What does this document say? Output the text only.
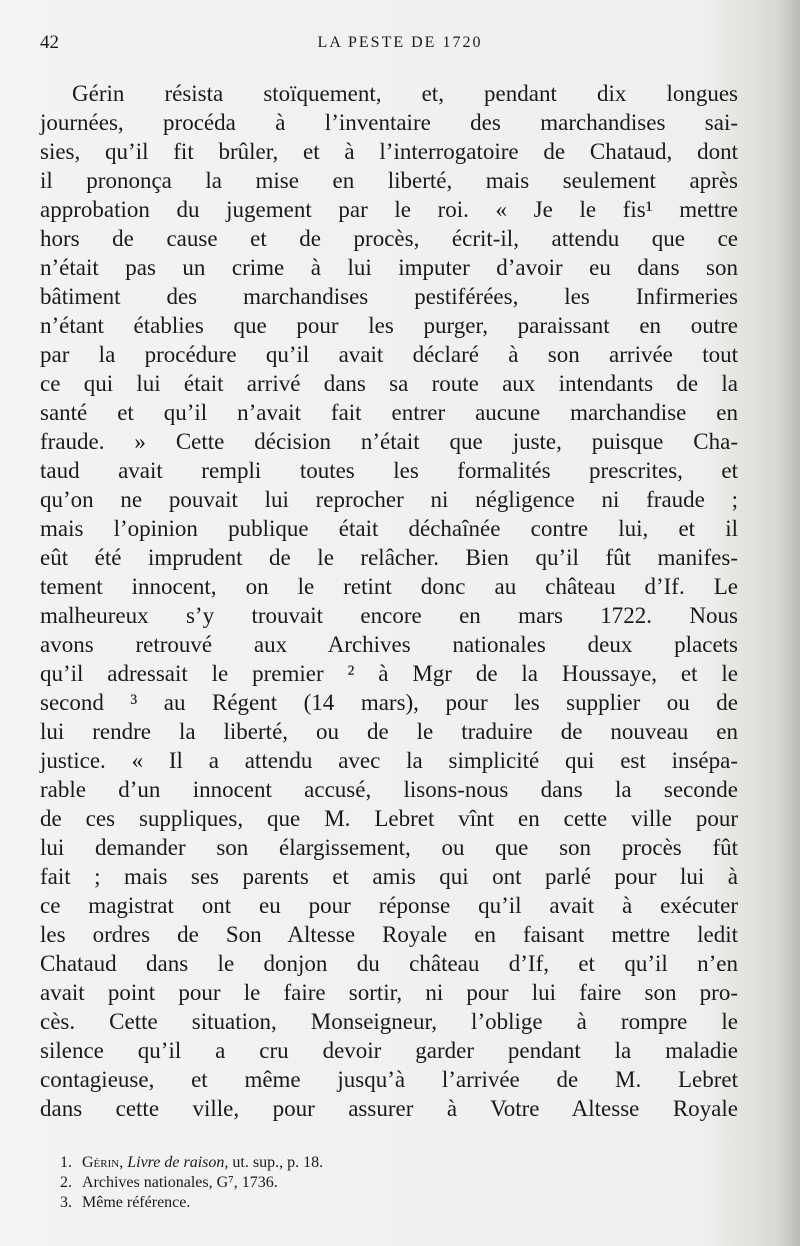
42	LA PESTE DE 1720
Gérin résista stoïquement, et, pendant dix longues
journées, procéda à l’inventaire des marchandises sai-
sies, qu’il fit brûler, et à l’interrogatoire de Chataud, dont
il prononça la mise en liberté, mais seulement après
approbation du jugement par le roi. « Je le fis¹ mettre
hors de cause et de procès, écrit-il, attendu que ce
n’était pas un crime à lui imputer d’avoir eu dans son
bâtiment des marchandises pestiférées, les Infirmeries
n’étant établies que pour les purger, paraissant en outre
par la procédure qu’il avait déclaré à son arrivée tout
ce qui lui était arrivé dans sa route aux intendants de la
santé et qu’il n’avait fait entrer aucune marchandise en
fraude. » Cette décision n’était que juste, puisque Cha-
taud avait rempli toutes les formalités prescrites, et
qu’on ne pouvait lui reprocher ni négligence ni fraude ;
mais l’opinion publique était déchaînée contre lui, et il
eût été imprudent de le relâcher. Bien qu’il fût manifes-
tement innocent, on le retint donc au château d’If. Le
malheureux s’y trouvait encore en mars 1722. Nous
avons retrouvé aux Archives nationales deux placets
qu’il adressait le premier ² à Mgr de la Houssaye, et le
second ³ au Régent (14 mars), pour les supplier ou de
lui rendre la liberté, ou de le traduire de nouveau en
justice. « Il a attendu avec la simplicité qui est insépa-
rable d’un innocent accusé, lisons-nous dans la seconde
de ces suppliques, que M. Lebret vînt en cette ville pour
lui demander son élargissement, ou que son procès fût
fait ; mais ses parents et amis qui ont parlé pour lui à
ce magistrat ont eu pour réponse qu’il avait à exécuter
les ordres de Son Altesse Royale en faisant mettre ledit
Chataud dans le donjon du château d’If, et qu’il n’en
avait point pour le faire sortir, ni pour lui faire son pro-
cès. Cette situation, Monseigneur, l’oblige à rompre le
silence qu’il a cru devoir garder pendant la maladie
contagieuse, et même jusqu’à l’arrivée de M. Lebret
dans cette ville, pour assurer à Votre Altesse Royale
1. Gérin, Livre de raison, ut. sup., p. 18.
2. Archives nationales, G⁷, 1736.
3. Même référence.
